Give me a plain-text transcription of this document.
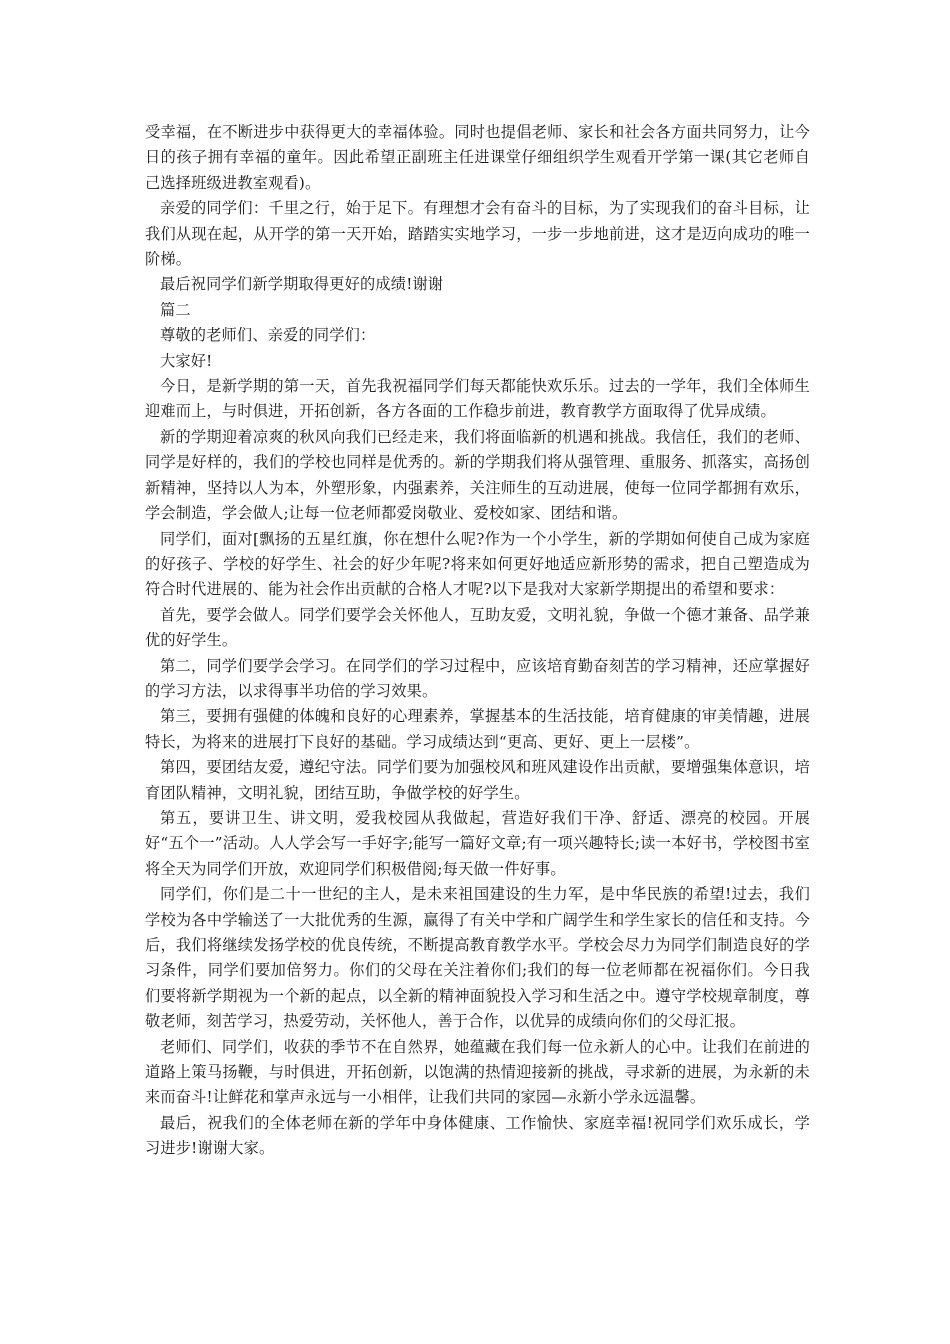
受幸福，在不断进步中获得更大的幸福体验。同时也提倡老师、家长和社会各方面共同努力，让今日的孩子拥有幸福的童年。因此希望正副班主任进课堂仔细组织学生观看开学第一课(其它老师自己选择班级进教室观看)。

亲爱的同学们：千里之行，始于足下。有理想才会有奋斗的目标，为了实现我们的奋斗目标，让我们从现在起，从开学的第一天开始，踏踏实实地学习，一步一步地前进，这才是迈向成功的唯一阶梯。

最后祝同学们新学期取得更好的成绩!谢谢

篇二

尊敬的老师们、亲爱的同学们：

大家好!

今日，是新学期的第一天，首先我祝福同学们每天都能快欢乐乐。过去的一学年，我们全体师生迎难而上，与时俱进，开拓创新，各方各面的工作稳步前进，教育教学方面取得了优异成绩。

新的学期迎着凉爽的秋风向我们已经走来，我们将面临新的机遇和挑战。我信任，我们的老师、同学是好样的，我们的学校也同样是优秀的。新的学期我们将从强管理、重服务、抓落实，高扬创新精神，坚持以人为本，外塑形象，内强素养，关注师生的互动进展，使每一位同学都拥有欢乐，学会制造，学会做人;让每一位老师都爱岗敬业、爱校如家、团结和谐。

同学们，面对[飘扬的五星红旗，你在想什么呢?作为一个小学生，新的学期如何使自己成为家庭的好孩子、学校的好学生、社会的好少年呢?将来如何更好地适应新形势的需求，把自己塑造成为符合时代进展的、能为社会作出贡献的合格人才呢?以下是我对大家新学期提出的希望和要求：

首先，要学会做人。同学们要学会关怀他人，互助友爱，文明礼貌，争做一个德才兼备、品学兼优的好学生。

第二，同学们要学会学习。在同学们的学习过程中，应该培育勤奋刻苦的学习精神，还应掌握好的学习方法，以求得事半功倍的学习效果。

第三，要拥有强健的体魄和良好的心理素养，掌握基本的生活技能，培育健康的审美情趣，进展特长，为将来的进展打下良好的基础。学习成绩达到“更高、更好、更上一层楼”。

第四，要团结友爱，遵纪守法。同学们要为加强校风和班风建设作出贡献，要增强集体意识，培育团队精神，文明礼貌，团结互助，争做学校的好学生。

第五，要讲卫生、讲文明，爱我校园从我做起，营造好我们干净、舒适、漂亮的校园。开展好“五个一”活动。人人学会写一手好字;能写一篇好文章;有一项兴趣特长;读一本好书，学校图书室将全天为同学们开放，欢迎同学们积极借阅;每天做一件好事。

同学们，你们是二十一世纪的主人，是未来祖国建设的生力军，是中华民族的希望!过去，我们学校为各中学输送了一大批优秀的生源，赢得了有关中学和广阔学生和学生家长的信任和支持。今后，我们将继续发扬学校的优良传统，不断提高教育教学水平。学校会尽力为同学们制造良好的学习条件，同学们要加倍努力。你们的父母在关注着你们;我们的每一位老师都在祝福你们。今日我们要将新学期视为一个新的起点，以全新的精神面貌投入学习和生活之中。遵守学校规章制度，尊敬老师，刻苦学习，热爱劳动，关怀他人，善于合作，以优异的成绩向你们的父母汇报。

老师们、同学们，收获的季节不在自然界，她蕴藏在我们每一位永新人的心中。让我们在前进的道路上策马扬鞭，与时俱进，开拓创新，以饱满的热情迎接新的挑战，寻求新的进展，为永新的未来而奋斗!让鲜花和掌声永远与一小相伴，让我们共同的家园—永新小学永远温馨。

最后，祝我们的全体老师在新的学年中身体健康、工作愉快、家庭幸福!祝同学们欢乐成长，学习进步!谢谢大家。
